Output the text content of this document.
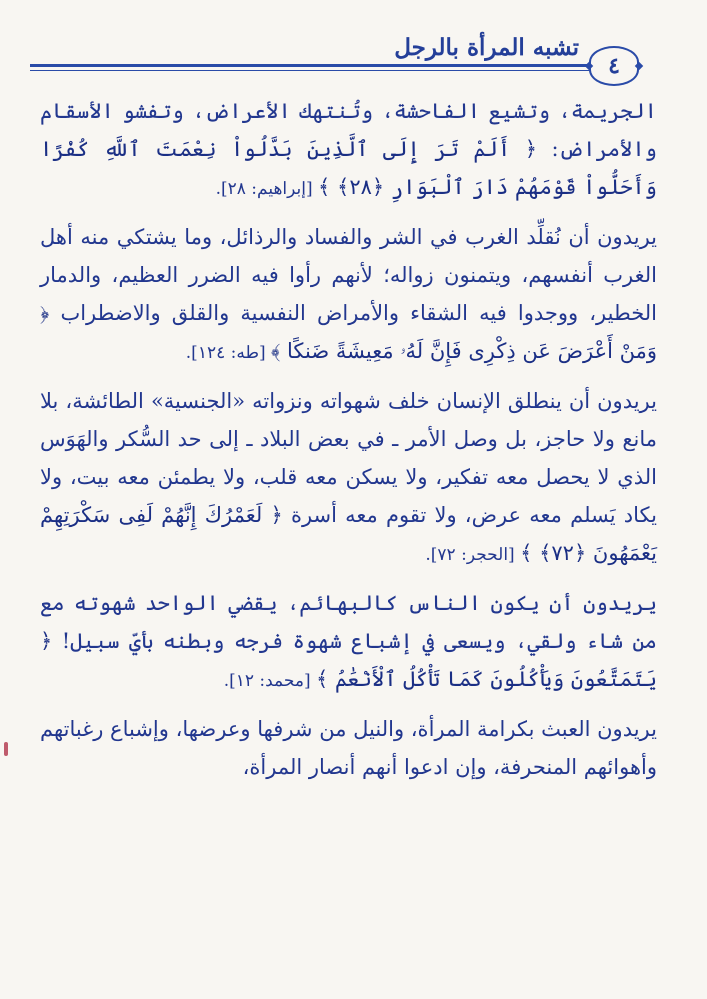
تشبه المرأة بالرجل
٤

الجريمة، وتشيع الفاحشة، وتُنتهك الأعراض، وتفشو الأسقام والأمراض: ﴿ أَلَمْ تَرَ إِلَى ٱلَّذِينَ بَدَّلُواْ نِعْمَتَ ٱللَّهِ كُفْرًا وَأَحَلُّواْ قَوْمَهُمْ دَارَ ٱلْبَوَارِ ﴿٢٨﴾ ﴾ [إبراهيم: ٢٨].

يريدون أن نُقلِّد الغرب في الشر والفساد والرذائل، وما يشتكي منه أهل الغرب أنفسهم، ويتمنون زواله؛ لأنهم رأوا فيه الضرر العظيم، والدمار الخطير، ووجدوا فيه الشقاء والأمراض النفسية والقلق والاضطراب ﴿ وَمَنْ أَعْرَضَ عَن ذِكْرِى فَإِنَّ لَهُۥ مَعِيشَةً ضَنكًا ﴾ [طه: ١٢٤].

يريدون أن ينطلق الإنسان خلف شهواته ونزواته «الجنسية» الطائشة، بلا مانع ولا حاجز، بل وصل الأمر ـ في بعض البلاد ـ إلى حد السُّكر والهَوَس الذي لا يحصل معه تفكير، ولا يسكن معه قلب، ولا يطمئن معه بيت، ولا يكاد يَسلم معه عرض، ولا تقوم معه أسرة ﴿ لَعَمْرُكَ إِنَّهُمْ لَفِى سَكْرَتِهِمْ يَعْمَهُونَ ﴿٧٢﴾ ﴾ [الحجر: ٧٢].

يريدون أن يكون الناس كالبهائم، يقضي الواحد شهوته مع من شاء ولقي، ويسعى في إشباع شهوة فرجه وبطنه بأيِّ سبيل! ﴿ يَتَمَتَّعُونَ وَيَأْكُلُونَ كَمَا تَأْكُلُ ٱلْأَنْعَٰمُ ﴾ [محمد: ١٢].

يريدون العبث بكرامة المرأة، والنيل من شرفها وعرضها، وإشباع رغباتهم وأهوائهم المنحرفة، وإن ادعوا أنهم أنصار المرأة،
